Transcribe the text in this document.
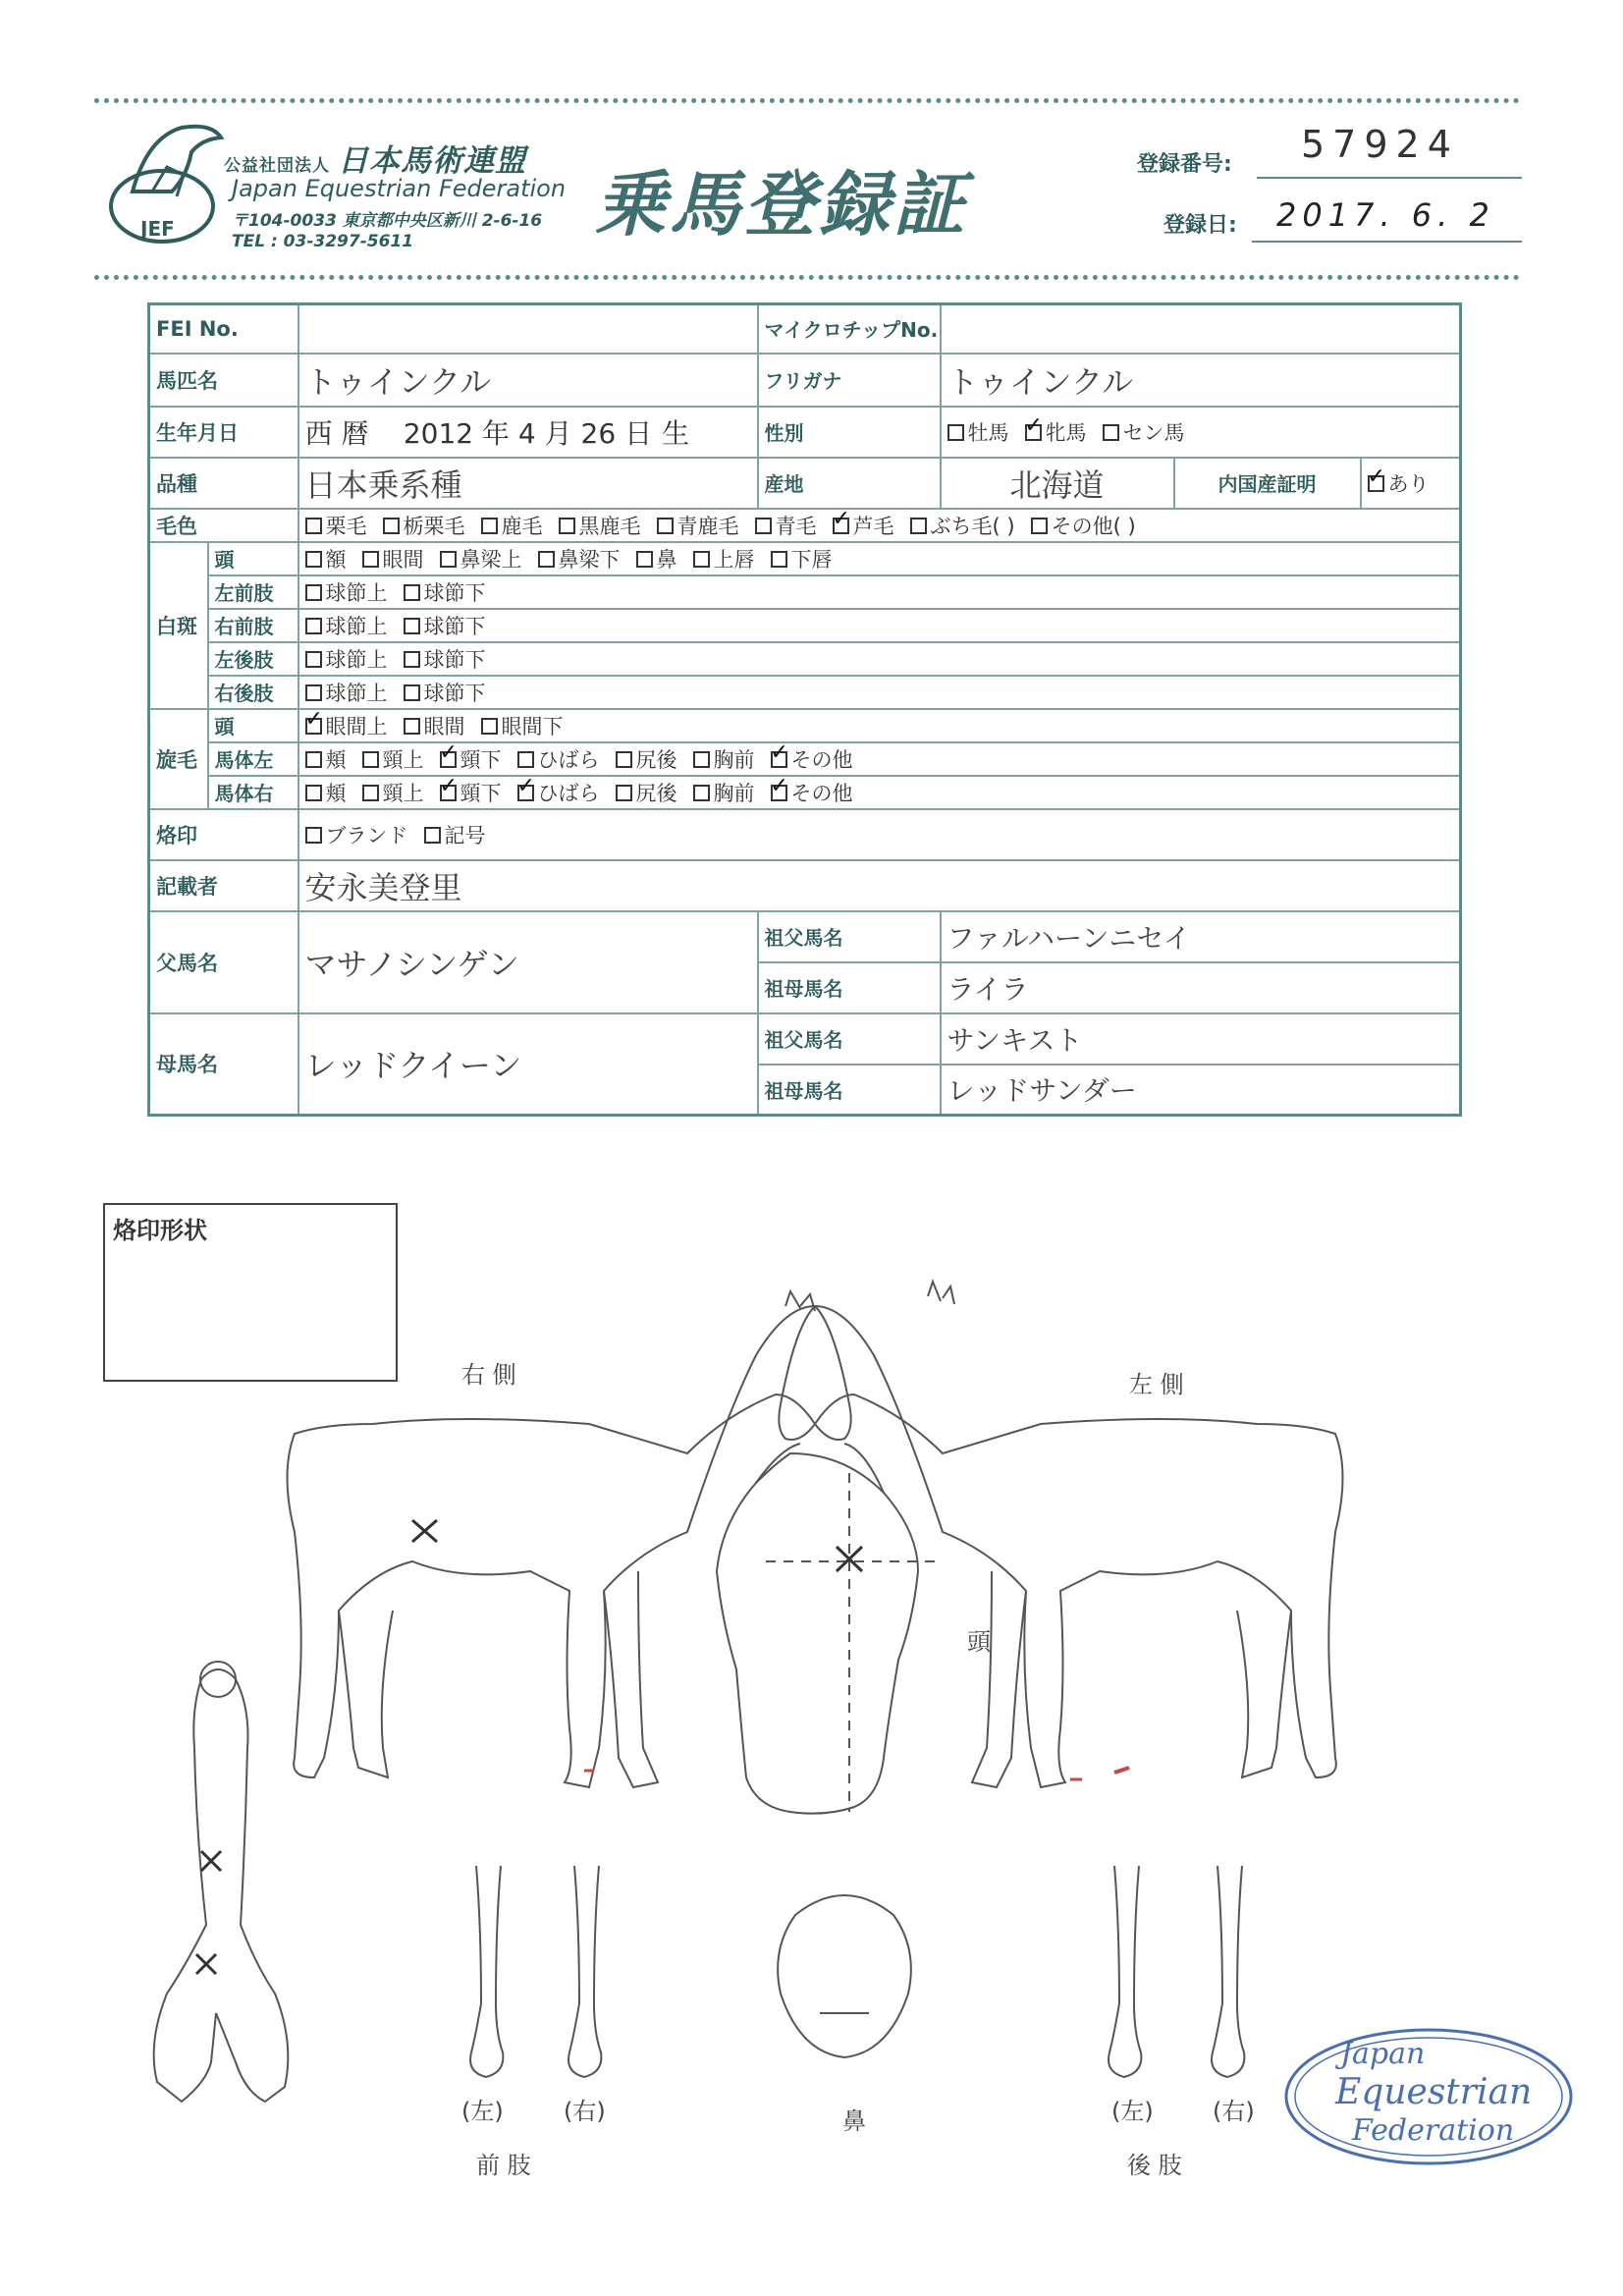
JEF
公益社団法人 日本馬術連盟
Japan Equestrian Federation
〒104-0033 東京都中央区新川 2-6-16
TEL : 03-3297-5611	乗馬登録証	登録番号: 57924
登録日: 2017. 6. 2
FEI No.			マイクロチップNo.			
馬匹名		トゥインクル	フリガナ	トゥインクル		
生年月日		西 暦 2012 年 4 月 26 日 生	性別	牡馬 ✓ 牝馬 セン馬
品種		日本乗系種	産地	北海道	内国産証明	✓あり
毛色		栗毛 栃栗毛 鹿毛 黒鹿毛 青鹿毛 青毛 ✓ 芦毛 ぶち毛( ) その他( )
白斑	頭	額 眼間 鼻梁上 鼻梁下 鼻 上唇 下唇				
	左前肢	球節上 球節下				
	右前肢	球節上 球節下				
	左後肢	球節上 球節下				
	右後肢	球節上 球節下				
旋毛	頭	✓眼間上 眼間 眼間下
	馬体左	頬 頸上 ✓ 頸下 ひばら 尻後 胸前 ✓ その他
	馬体右	頬 頸上 ✓ 頸下 ✓ ひばら 尻後 胸前 ✓ その他
烙印		ブランド 記号				
記載者		安永美登里				
父馬名		マサノシンゲン	祖父馬名	ファルハーンニセイ		
			祖母馬名	ライラ		
母馬名		レッドクイーン	祖父馬名	サンキスト		
			祖母馬名	レッドサンダー		
烙印形状
右 側	左 側
頭
鼻
(左)	(右)
前 肢
(左)	(右)
後 肢
Japan
Equestrian
Federation
